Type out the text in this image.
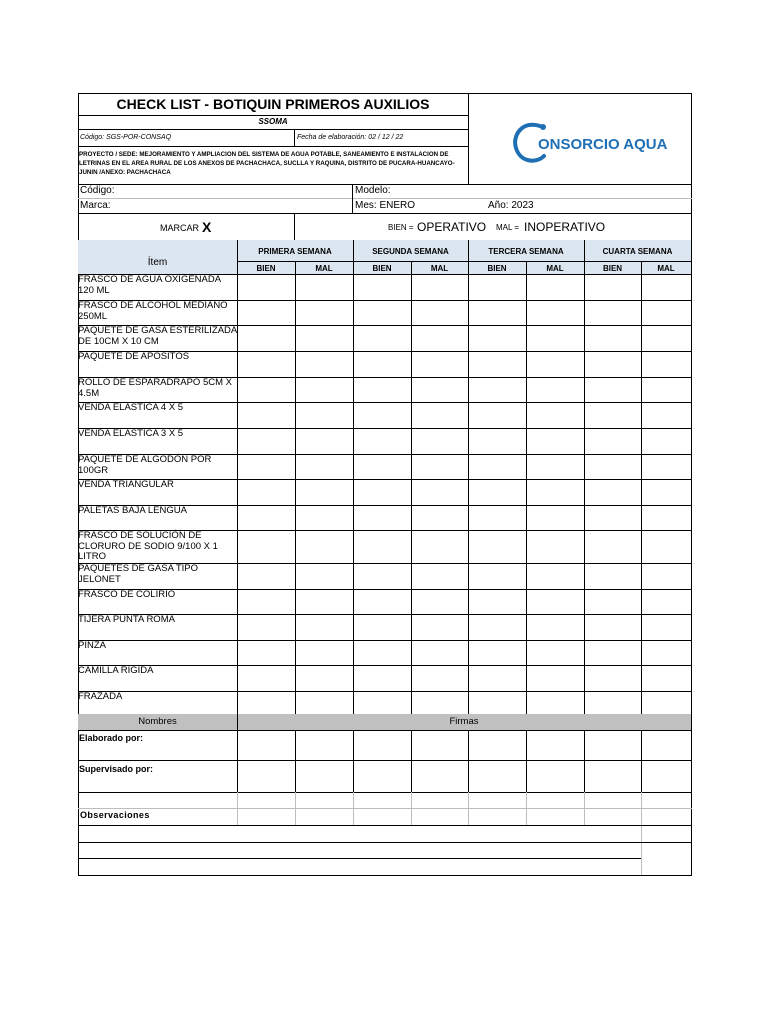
CHECK LIST - BOTIQUIN PRIMEROS AUXILIOS
SSOMA
Código: SGS-POR-CONSAQ	Fecha de elaboración: 02 / 12 / 22
PROYECTO / SEDE: MEJORAMIENTO Y AMPLIACION DEL SISTEMA DE AGUA POTABLE, SANEAMIENTO E INSTALACION DE
LETRINAS EN EL AREA RURAL DE LOS ANEXOS DE PACHACHACA, SUCLLA Y RAQUINA, DISTRITO DE PUCARA-HUANCAYO-
JUNIN /ANEXO: PACHACHACA
ONSORCIO AQUA
Código:
Marca:
Modelo:
Mes: ENERO	Año: 2023
MARCAR X	BIEN = OPERATIVO MAL = INOPERATIVO
PRIMERA SEMANA	SEGUNDA SEMANA	TERCERA SEMANA	CUARTA SEMANA
Ítem
BIEN	MAL	BIEN	MAL	BIEN	MAL	BIEN	MAL
FRASCO DE AGUA OXIGENADA 120 ML
FRASCO DE ALCOHOL MEDIANO 250ML
PAQUETE DE GASA ESTERILIZADA DE 10CM X 10 CM
PAQUETE DE APÓSITOS
ROLLO DE ESPARADRAPO 5CM X 4.5M
VENDA ELÁSTICA 4 X 5
VENDA ELÁSTICA 3 X 5
PAQUETE DE ALGODÓN POR 100GR
VENDA TRIANGULAR
PALETAS BAJA LENGUA
FRASCO DE SOLUCIÓN DE CLORURO DE SODIO 9/100 X 1 LITRO
PAQUETES DE GASA TIPO JELONET
FRASCO DE COLIRIO
TIJERA PUNTA ROMA
PINZA
CAMILLA RÍGIDA
FRAZADA
Nombres	Firmas
Elaborado por:
Supervisado por:
Observaciones
